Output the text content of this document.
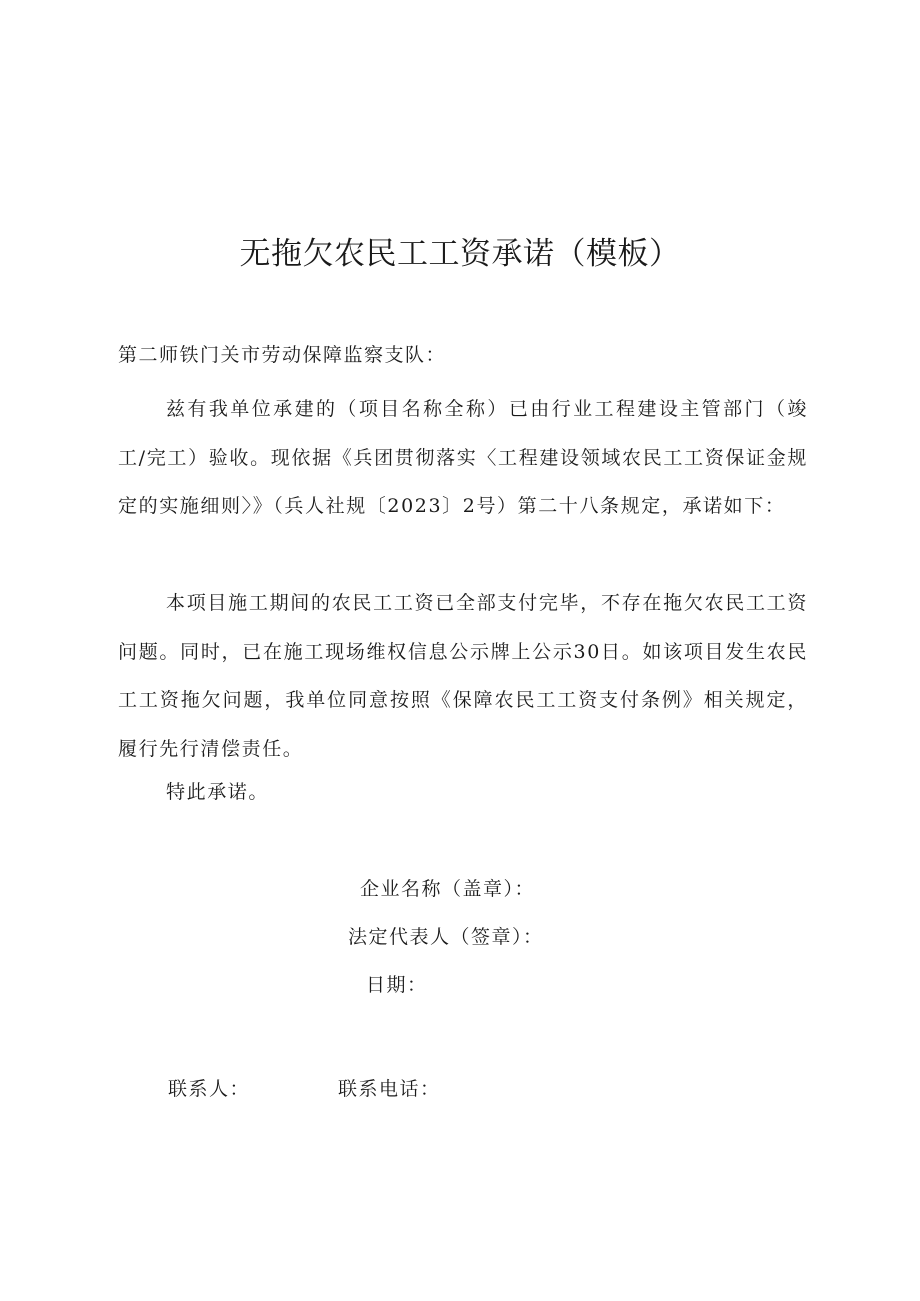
无拖欠农民工工资承诺（模板）
第二师铁门关市劳动保障监察支队：
兹有我单位承建的（项目名称全称）已由行业工程建设主管部门（竣工/完工）验收。现依据《兵团贯彻落实〈工程建设领域农民工工资保证金规定的实施细则〉》（兵人社规〔2023〕2号）第二十八条规定，承诺如下：
本项目施工期间的农民工工资已全部支付完毕，不存在拖欠农民工工资问题。同时，已在施工现场维权信息公示牌上公示30日。如该项目发生农民工工资拖欠问题，我单位同意按照《保障农民工工资支付条例》相关规定，履行先行清偿责任。
特此承诺。
企业名称（盖章）：
法定代表人（签章）：
日期：
联系人：	联系电话：
